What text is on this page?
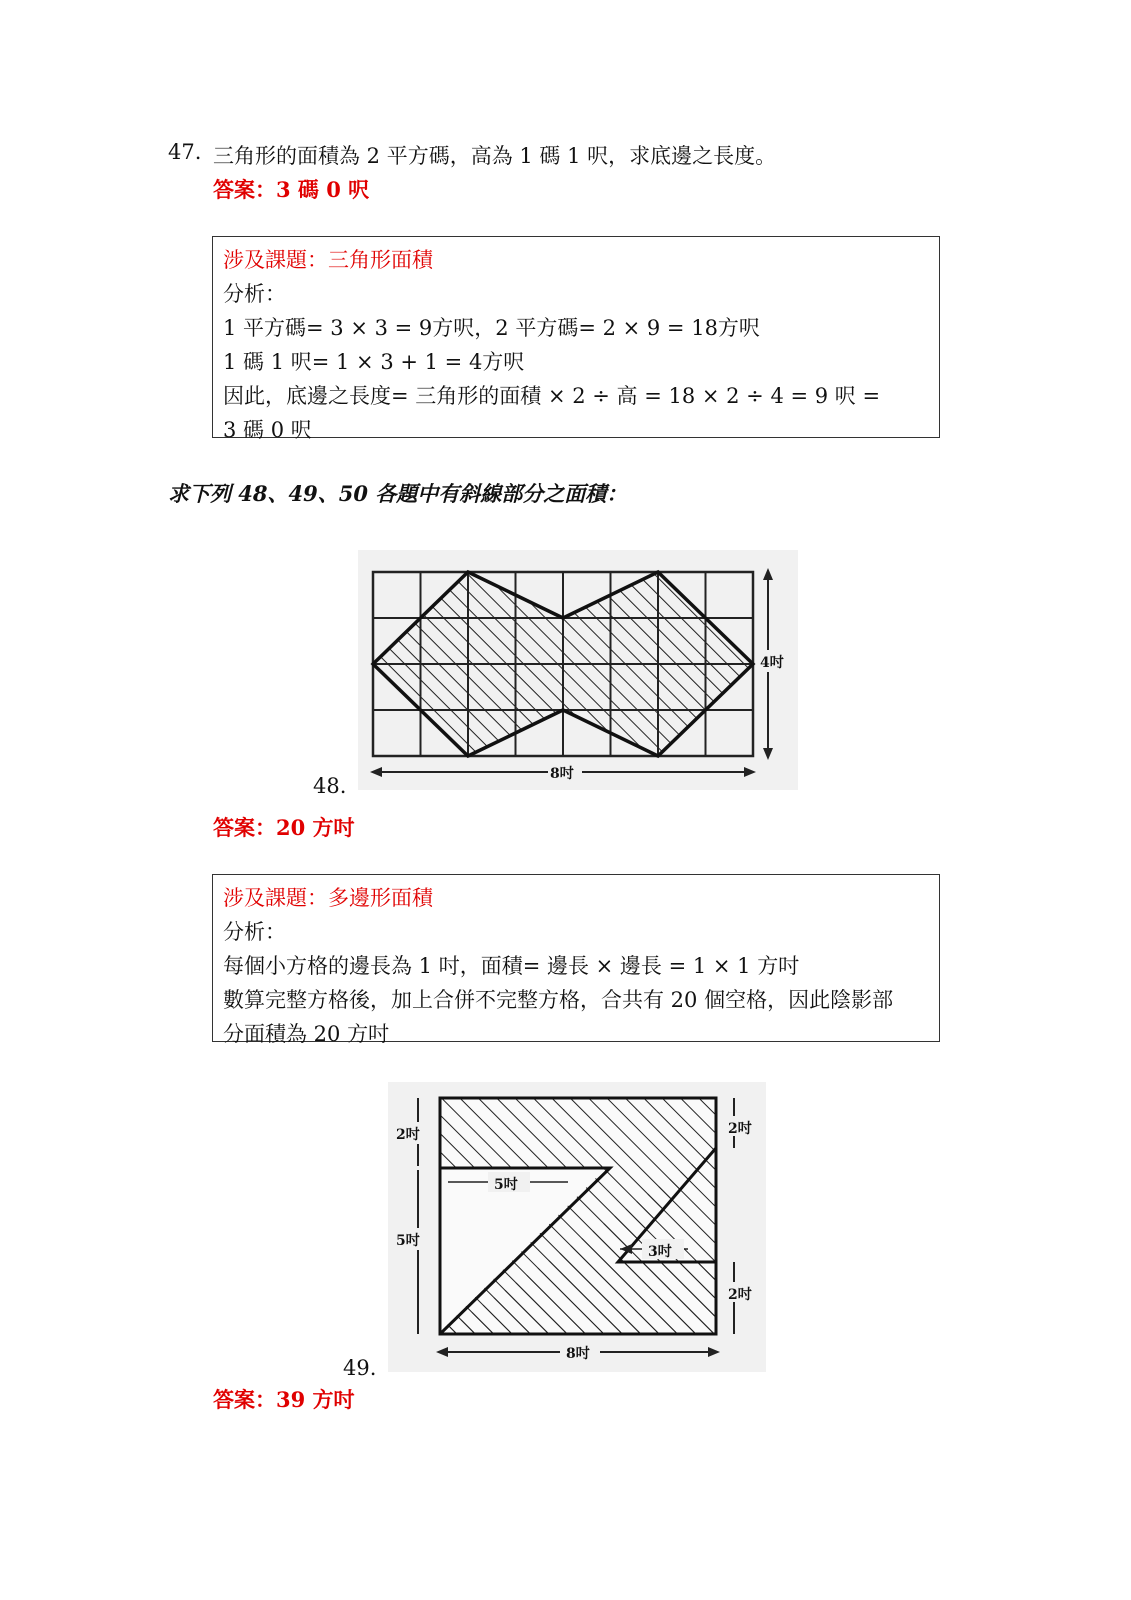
47. 三角形的面積為 2 平方碼，高為 1 碼 1 呎，求底邊之長度。
答案：3 碼 0 呎
涉及課題：三角形面積
分析：
1 平方碼= 3 × 3 = 9方呎，2 平方碼= 2 × 9 = 18方呎
1 碼 1 呎= 1 × 3 + 1 = 4方呎
因此，底邊之長度= 三角形的面積 × 2 ÷ 高 = 18 × 2 ÷ 4 = 9 呎 =
3 碼 0 呎
求下列 48、49、50 各題中有斜線部分之面積：
48.
4吋
8吋
答案：20 方吋
涉及課題：多邊形面積
分析：
每個小方格的邊長為 1 吋，面積= 邊長 × 邊長 = 1 × 1 方吋
數算完整方格後，加上合併不完整方格，合共有 20 個空格，因此陰影部
分面積為 20 方吋
49.
2吋
5吋
5吋
2吋
3吋
2吋
8吋
答案：39 方吋
